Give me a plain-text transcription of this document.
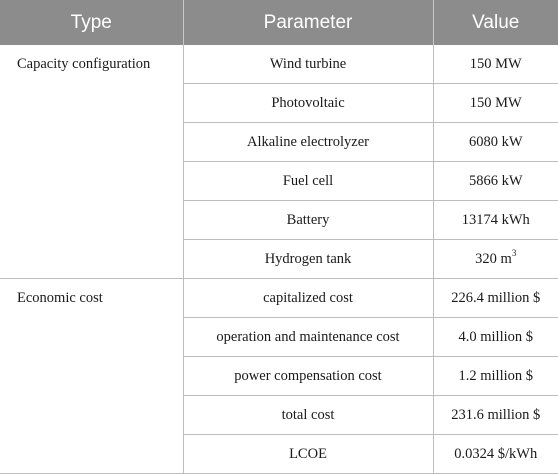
Type	Parameter	Value
Capacity configuration	Wind turbine	150 MW
	Photovoltaic	150 MW
	Alkaline electrolyzer	6080 kW
	Fuel cell	5866 kW
	Battery	13174 kWh
	Hydrogen tank	320 $m^3$
Economic cost	capitalized cost	226.4 million $
	operation and maintenance cost	4.0 million $
	power compensation cost	1.2 million $
	total cost	231.6 million $
	LCOE	0.0324 $/kWh
